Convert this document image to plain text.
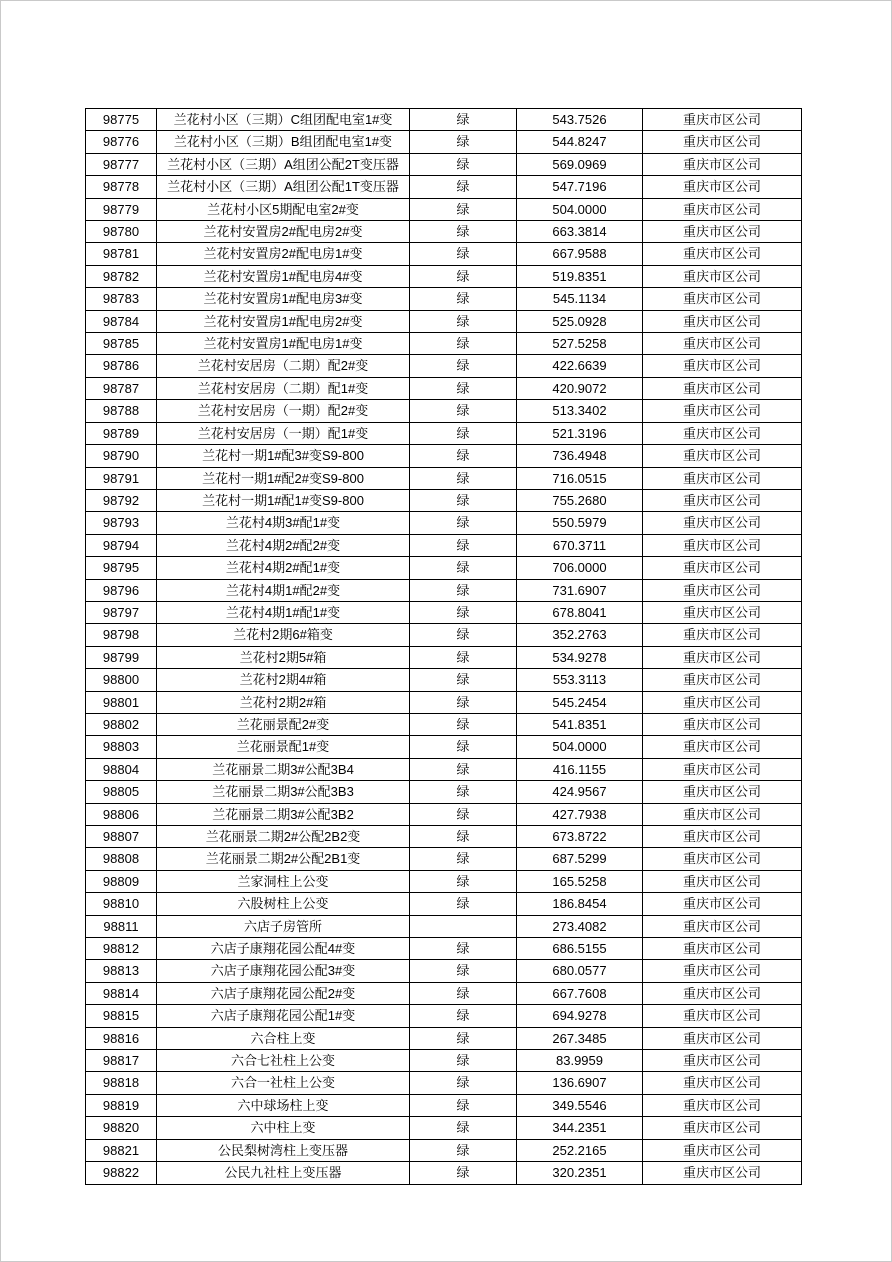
98775	兰花村小区（三期）C组团配电室1#变	绿	543.7526	重庆市区公司
98776	兰花村小区（三期）B组团配电室1#变	绿	544.8247	重庆市区公司
98777	兰花村小区（三期）A组团公配2T变压器	绿	569.0969	重庆市区公司
98778	兰花村小区（三期）A组团公配1T变压器	绿	547.7196	重庆市区公司
98779	兰花村小区5期配电室2#变	绿	504.0000	重庆市区公司
98780	兰花村安置房2#配电房2#变	绿	663.3814	重庆市区公司
98781	兰花村安置房2#配电房1#变	绿	667.9588	重庆市区公司
98782	兰花村安置房1#配电房4#变	绿	519.8351	重庆市区公司
98783	兰花村安置房1#配电房3#变	绿	545.1134	重庆市区公司
98784	兰花村安置房1#配电房2#变	绿	525.0928	重庆市区公司
98785	兰花村安置房1#配电房1#变	绿	527.5258	重庆市区公司
98786	兰花村安居房（二期）配2#变	绿	422.6639	重庆市区公司
98787	兰花村安居房（二期）配1#变	绿	420.9072	重庆市区公司
98788	兰花村安居房（一期）配2#变	绿	513.3402	重庆市区公司
98789	兰花村安居房（一期）配1#变	绿	521.3196	重庆市区公司
98790	兰花村一期1#配3#变S9-800	绿	736.4948	重庆市区公司
98791	兰花村一期1#配2#变S9-800	绿	716.0515	重庆市区公司
98792	兰花村一期1#配1#变S9-800	绿	755.2680	重庆市区公司
98793	兰花村4期3#配1#变	绿	550.5979	重庆市区公司
98794	兰花村4期2#配2#变	绿	670.3711	重庆市区公司
98795	兰花村4期2#配1#变	绿	706.0000	重庆市区公司
98796	兰花村4期1#配2#变	绿	731.6907	重庆市区公司
98797	兰花村4期1#配1#变	绿	678.8041	重庆市区公司
98798	兰花村2期6#箱变	绿	352.2763	重庆市区公司
98799	兰花村2期5#箱	绿	534.9278	重庆市区公司
98800	兰花村2期4#箱	绿	553.3113	重庆市区公司
98801	兰花村2期2#箱	绿	545.2454	重庆市区公司
98802	兰花丽景配2#变	绿	541.8351	重庆市区公司
98803	兰花丽景配1#变	绿	504.0000	重庆市区公司
98804	兰花丽景二期3#公配3B4	绿	416.1155	重庆市区公司
98805	兰花丽景二期3#公配3B3	绿	424.9567	重庆市区公司
98806	兰花丽景二期3#公配3B2	绿	427.7938	重庆市区公司
98807	兰花丽景二期2#公配2B2变	绿	673.8722	重庆市区公司
98808	兰花丽景二期2#公配2B1变	绿	687.5299	重庆市区公司
98809	兰家洞柱上公变	绿	165.5258	重庆市区公司
98810	六股树柱上公变	绿	186.8454	重庆市区公司
98811	六店子房管所		273.4082	重庆市区公司
98812	六店子康翔花园公配4#变	绿	686.5155	重庆市区公司
98813	六店子康翔花园公配3#变	绿	680.0577	重庆市区公司
98814	六店子康翔花园公配2#变	绿	667.7608	重庆市区公司
98815	六店子康翔花园公配1#变	绿	694.9278	重庆市区公司
98816	六合柱上变	绿	267.3485	重庆市区公司
98817	六合七社柱上公变	绿	83.9959	重庆市区公司
98818	六合一社柱上公变	绿	136.6907	重庆市区公司
98819	六中球场柱上变	绿	349.5546	重庆市区公司
98820	六中柱上变	绿	344.2351	重庆市区公司
98821	公民梨树湾柱上变压器	绿	252.2165	重庆市区公司
98822	公民九社柱上变压器	绿	320.2351	重庆市区公司
